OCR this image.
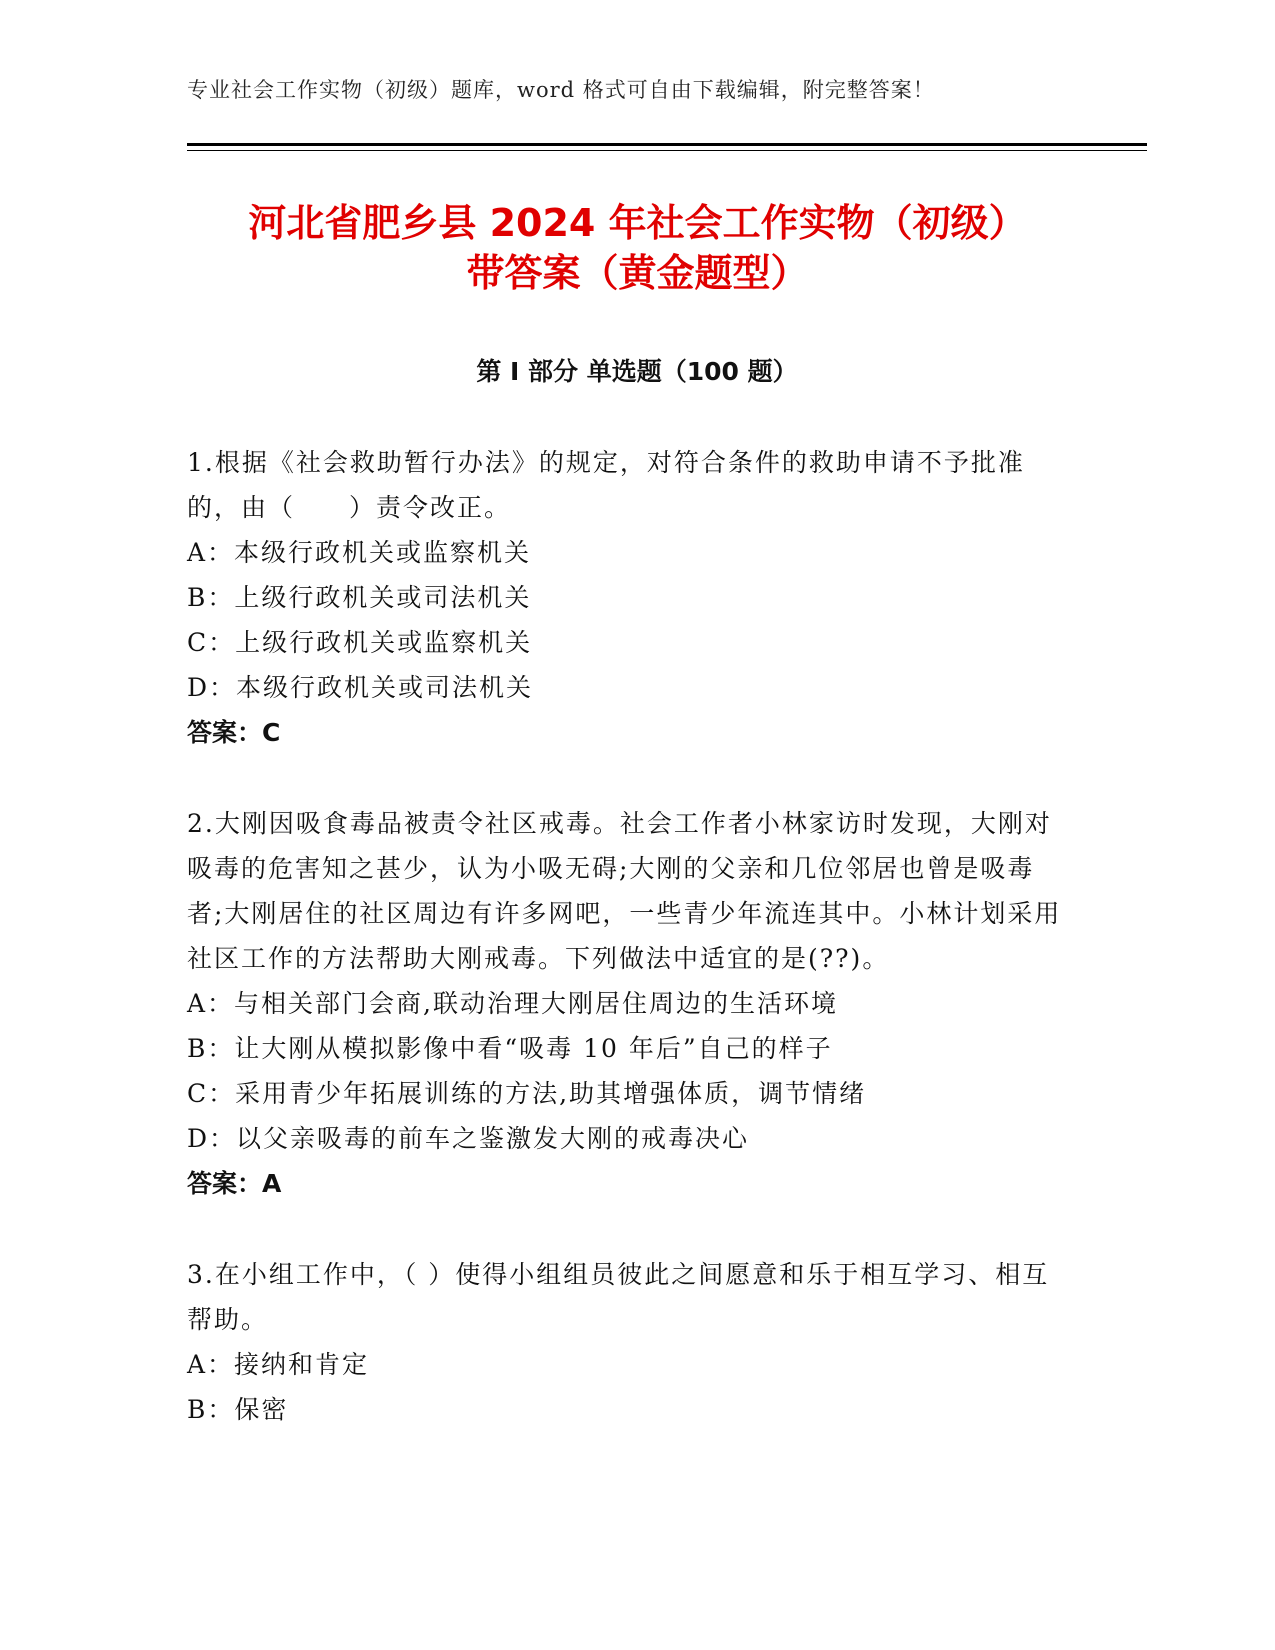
专业社会工作实物（初级）题库，word 格式可自由下载编辑，附完整答案！
河北省肥乡县 2024 年社会工作实物（初级）
带答案（黄金题型）
第 I 部分 单选题（100 题）

1.根据《社会救助暂行办法》的规定，对符合条件的救助申请不予批准的，由（　　）责令改正。

A：本级行政机关或监察机关

B：上级行政机关或司法机关

C：上级行政机关或监察机关

D：本级行政机关或司法机关

答案：C

2.大刚因吸食毒品被责令社区戒毒。社会工作者小林家访时发现，大刚对吸毒的危害知之甚少，认为小吸无碍;大刚的父亲和几位邻居也曾是吸毒者;大刚居住的社区周边有许多网吧，一些青少年流连其中。小林计划采用社区工作的方法帮助大刚戒毒。下列做法中适宜的是(??)。

A：与相关部门会商,联动治理大刚居住周边的生活环境

B：让大刚从模拟影像中看“吸毒 10 年后”自己的样子

C：采用青少年拓展训练的方法,助其增强体质，调节情绪

D：以父亲吸毒的前车之鉴激发大刚的戒毒决心

答案：A

3.在小组工作中，（ ）使得小组组员彼此之间愿意和乐于相互学习、相互帮助。

A：接纳和肯定

B：保密
